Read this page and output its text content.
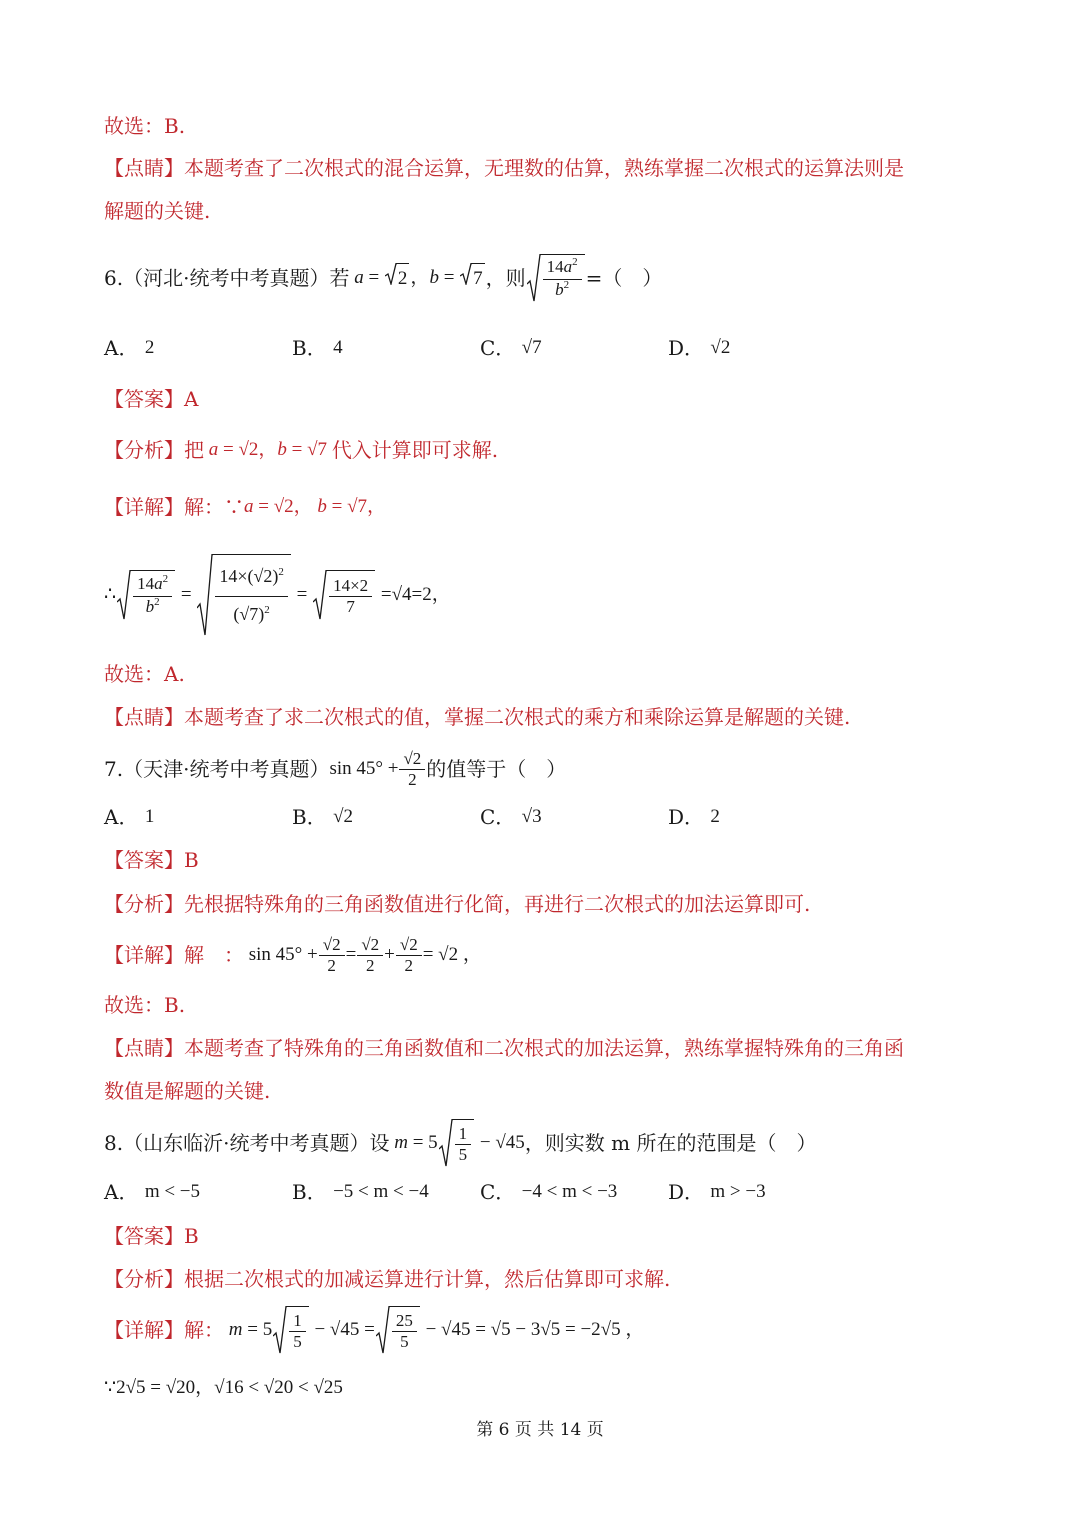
故选：B.
【点睛】 本题考查了二次根式的混合运算，无理数的估算，熟练掌握二次根式的运算法则是
解题的关键.
6.（河北·统考中考真题）若
a = 2 ， b = 7 ，则 $\frac{14a^2}{b^2}$ =（　）
A．
2	B．
4	C．
√7	D．
√2
【答案】 A
【分析】 把
a = √2， b = √7 代入计算即可求解.
【详解】 解：∵ a = √2， b = √7，
∴ $\frac{14a^2}{b^2} = \frac{14\times(√2)^2}{(√7)^2} = \frac{14\times 2}{7}$
=√4=2，
故选：A.
【点睛】 本题考查了求二次根式的值，掌握二次根式的乘方和乘除运算是解题的关键.
7.（天津·统考中考真题） $\sin 45^\circ + \frac{√2}{2}$ 的值等于（　）
A．
1	B．
√2	C．
√3	D．
2
【答案】 B
【分析】 先根据特殊角的三角函数值进行化简，再进行二次根式的加法运算即可.
【详解】 解　： $\sin 45^\circ + \frac{√2}{2} = \frac{√2}{2} + \frac{√2}{2} = √2$ ，
故选：B.
【点睛】 本题考查了特殊角的三角函数值和二次根式的加法运算，熟练掌握特殊角的三角函
数值是解题的关键.
8.（山东临沂·统考中考真题）设
$m = 5 \frac{1}{5} - √45$ ，则实数 m 所在的范围是（　）
A．
m < −5	B．
−5 < m < −4	C．
−4 < m < −3	D．
m > −3
【答案】 B
【分析】 根据二次根式的加减运算进行计算，然后估算即可求解.
【详解】 解：
$m = 5 \frac{1}{5} - √45 = \frac{25}{5} - √45 = √5 - 3√5 = -2√5$ ，
∵2√5 = √20，√16 < √20 < √25
第 6 页 共 14 页
